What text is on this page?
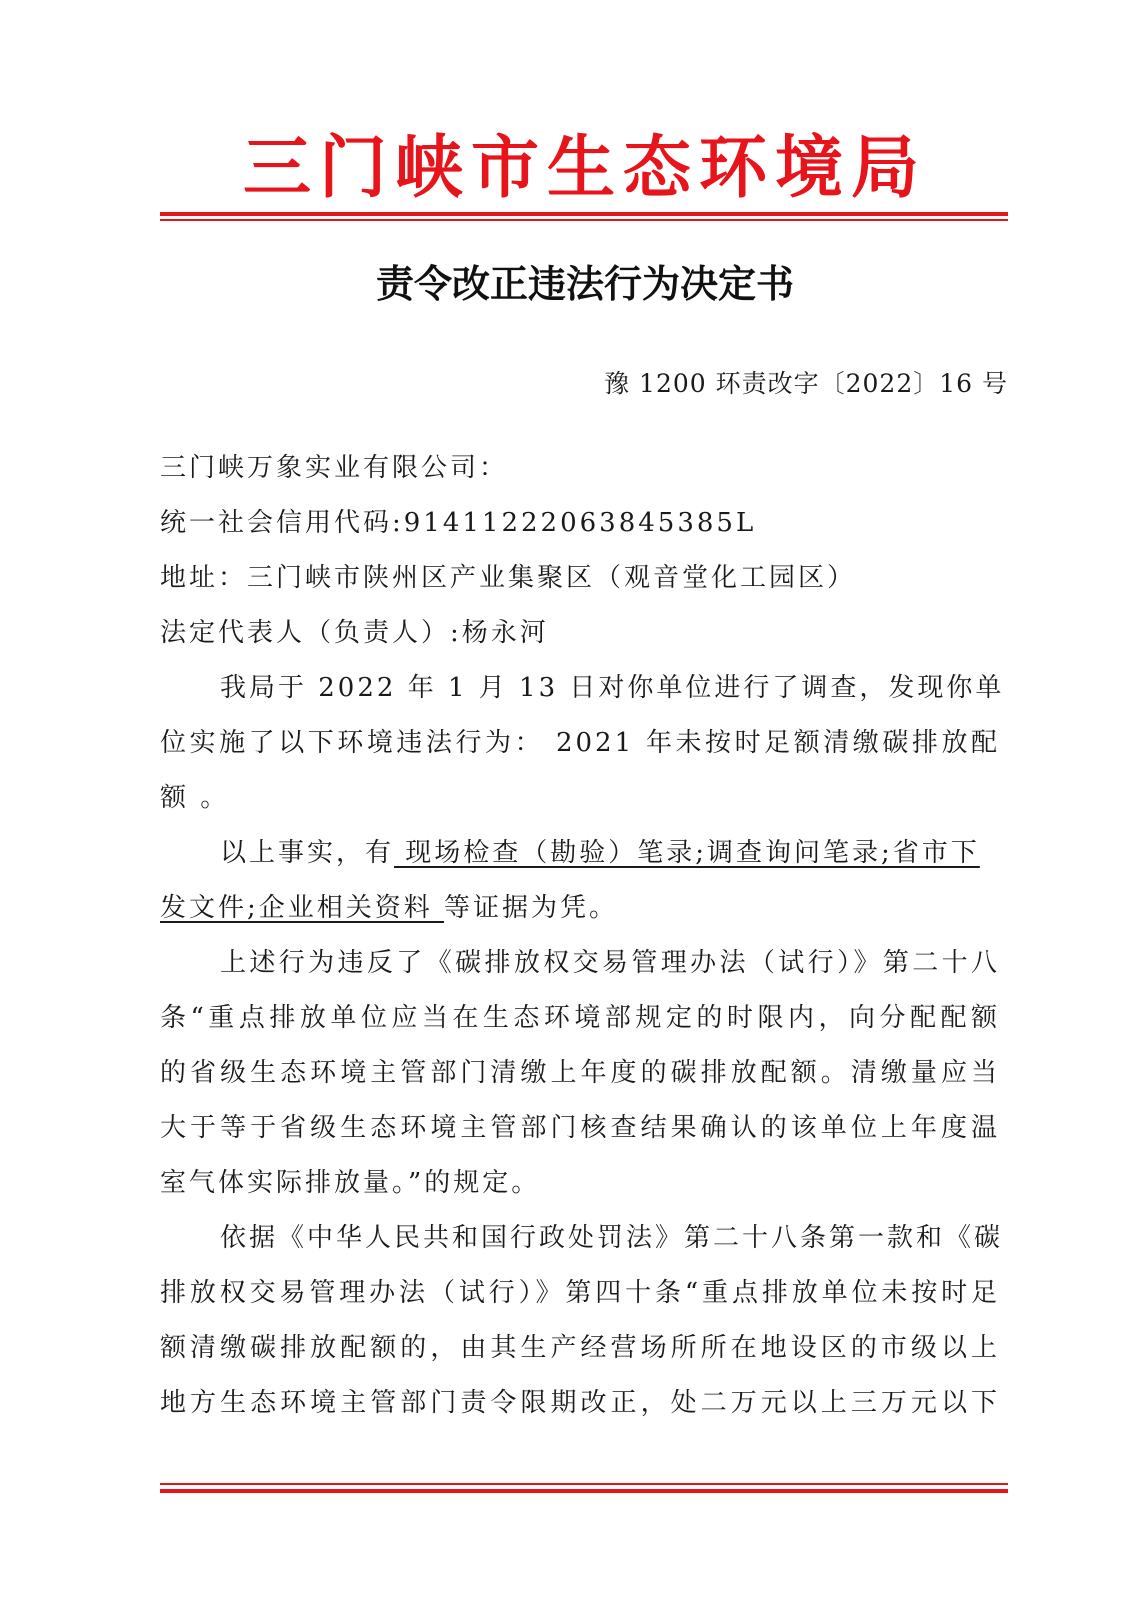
三门峡市生态环境局
责令改正违法行为决定书
豫 1200 环责改字〔2022〕16 号
三门峡万象实业有限公司：
统一社会信用代码:91411222063845385L
地址：三门峡市陕州区产业集聚区（观音堂化工园区）
法定代表人（负责人）:杨永河
我局于 2022 年 1 月 13 日对你单位进行了调查，发现你单
位实施了以下环境违法行为： 2021 年未按时足额清缴碳排放配
额 。
以上事实，有 现场检查（勘验）笔录;调查询问笔录;省市下
发文件;企业相关资料 等证据为凭。
上述行为违反了《碳排放权交易管理办法（试行）》第二十八
条“重点排放单位应当在生态环境部规定的时限内，向分配配额
的省级生态环境主管部门清缴上年度的碳排放配额。清缴量应当
大于等于省级生态环境主管部门核查结果确认的该单位上年度温
室气体实际排放量。”的规定。
依据《中华人民共和国行政处罚法》第二十八条第一款和《碳
排放权交易管理办法（试行）》第四十条“重点排放单位未按时足
额清缴碳排放配额的，由其生产经营场所所在地设区的市级以上
地方生态环境主管部门责令限期改正，处二万元以上三万元以下
